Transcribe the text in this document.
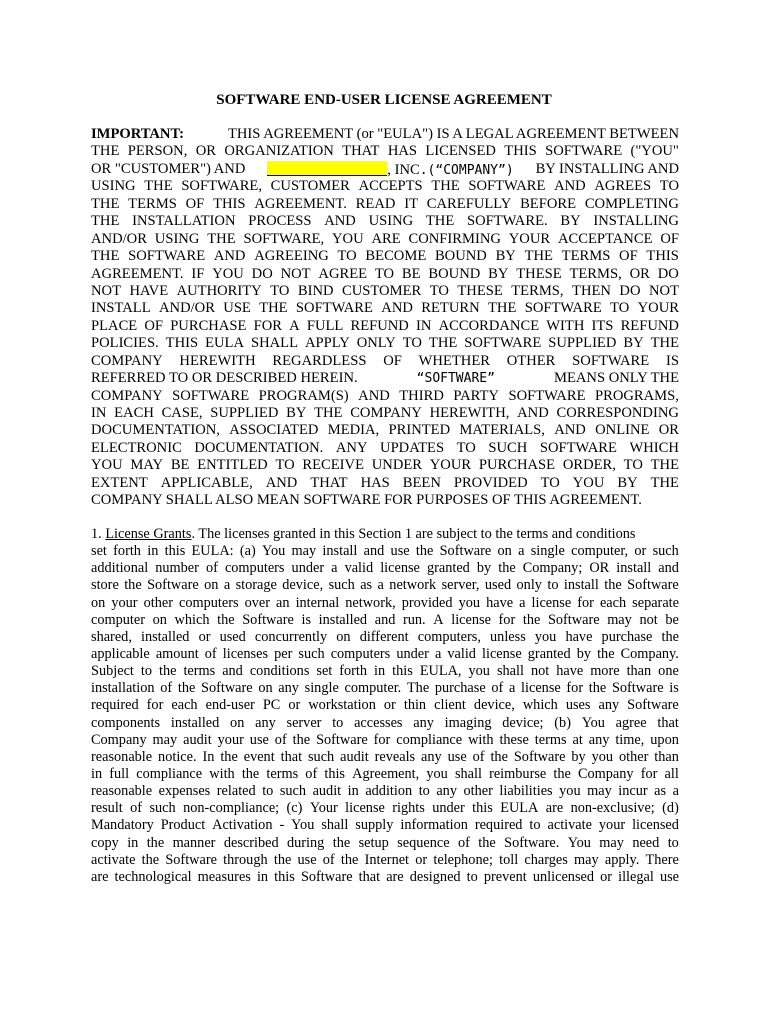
SOFTWARE END-USER LICENSE AGREEMENT
IMPORTANT:	THIS AGREEMENT (or "EULA") IS A LEGAL AGREEMENT BETWEEN
THE PERSON, OR ORGANIZATION THAT HAS LICENSED THIS SOFTWARE ("YOU"
OR "CUSTOMER") AND	, INC.(“COMPANY”) BY INSTALLING AND
USING THE SOFTWARE, CUSTOMER ACCEPTS THE SOFTWARE AND AGREES TO
THE TERMS OF THIS AGREEMENT. READ IT CAREFULLY BEFORE COMPLETING
THE INSTALLATION PROCESS AND USING THE SOFTWARE. BY INSTALLING
AND/OR USING THE SOFTWARE, YOU ARE CONFIRMING YOUR ACCEPTANCE OF
THE SOFTWARE AND AGREEING TO BECOME BOUND BY THE TERMS OF THIS
AGREEMENT. IF YOU DO NOT AGREE TO BE BOUND BY THESE TERMS, OR DO
NOT HAVE AUTHORITY TO BIND CUSTOMER TO THESE TERMS, THEN DO NOT
INSTALL AND/OR USE THE SOFTWARE AND RETURN THE SOFTWARE TO YOUR
PLACE OF PURCHASE FOR A FULL REFUND IN ACCORDANCE WITH ITS REFUND
POLICIES. THIS EULA SHALL APPLY ONLY TO THE SOFTWARE SUPPLIED BY THE
COMPANY HEREWITH REGARDLESS OF WHETHER OTHER SOFTWARE IS
REFERRED TO OR DESCRIBED HEREIN.	“SOFTWARE”	MEANS ONLY THE
COMPANY SOFTWARE PROGRAM(S) AND THIRD PARTY SOFTWARE PROGRAMS,
IN EACH CASE, SUPPLIED BY THE COMPANY HEREWITH, AND CORRESPONDING
DOCUMENTATION, ASSOCIATED MEDIA, PRINTED MATERIALS, AND ONLINE OR
ELECTRONIC DOCUMENTATION. ANY UPDATES TO SUCH SOFTWARE WHICH
YOU MAY BE ENTITLED TO RECEIVE UNDER YOUR PURCHASE ORDER, TO THE
EXTENT APPLICABLE, AND THAT HAS BEEN PROVIDED TO YOU BY THE
COMPANY SHALL ALSO MEAN SOFTWARE FOR PURPOSES OF THIS AGREEMENT.
1.
License Grants . The licenses granted in this Section 1 are subject to the terms and conditions
set forth in this EULA: (a) You may install and use the Software on a single computer, or such
additional number of computers under a valid license granted by the Company; OR install and
store the Software on a storage device, such as a network server, used only to install the Software
on your other computers over an internal network, provided you have a license for each separate
computer on which the Software is installed and run. A license for the Software may not be
shared, installed or used concurrently on different computers, unless you have purchase the
applicable amount of licenses per such computers under a valid license granted by the Company.
Subject to the terms and conditions set forth in this EULA, you shall not have more than one
installation of the Software on any single computer. The purchase of a license for the Software is
required for each end-user PC or workstation or thin client device, which uses any Software
components installed on any server to accesses any imaging device; (b) You agree that
Company may audit your use of the Software for compliance with these terms at any time, upon
reasonable notice. In the event that such audit reveals any use of the Software by you other than
in full compliance with the terms of this Agreement, you shall reimburse the Company for all
reasonable expenses related to such audit in addition to any other liabilities you may incur as a
result of such non-compliance; (c) Your license rights under this EULA are non-exclusive; (d)
Mandatory Product Activation - You shall supply information required to activate your licensed
copy in the manner described during the setup sequence of the Software. You may need to
activate the Software through the use of the Internet or telephone; toll charges may apply. There
are technological measures in this Software that are designed to prevent unlicensed or illegal use
